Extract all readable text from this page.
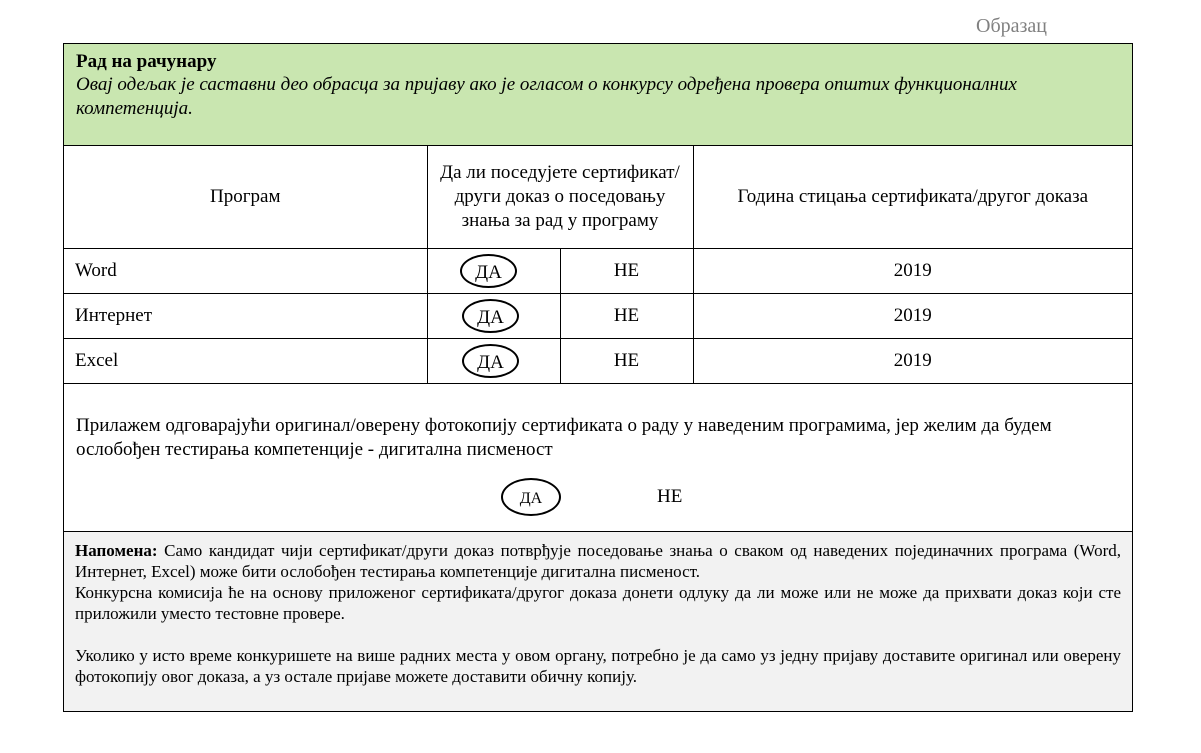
Образац
Рад на рачунару
Овај одељак је саставни део обрасца за пријаву ако је огласом о конкурсу одређена провера општих функционалних компетенција.
Програм	Да ли поседујете сертификат/други доказ о поседовању знања за рад у програму		Година стицања сертификата/другог доказа
Word	ДА	НЕ	2019
Интернет	ДА	НЕ	2019
Excel	ДА	НЕ	2019
Прилажем одговарајући оригинал/оверену фотокопију сертификата о раду у наведеним програмима, јер желим да будем ослобођен тестирања компетенције - дигитална писменост
ДА	НЕ
Напомена: Само кандидат чији сертификат/други доказ потврђује поседовање знања о сваком од наведених појединачних програма (Word, Интернет, Excel) може бити ослобођен тестирања компетенције дигитална писменост.
Конкурсна комисија ће на основу приложеног сертификата/другог доказа донети одлуку да ли може или не може да прихвати доказ који сте приложили уместо тестовне провере.
Уколико у исто време конкуришете на више радних места у овом органу, потребно је да само уз једну пријаву доставите оригинал или оверену фотокопију овог доказа, а уз остале пријаве можете доставити обичну копију.
